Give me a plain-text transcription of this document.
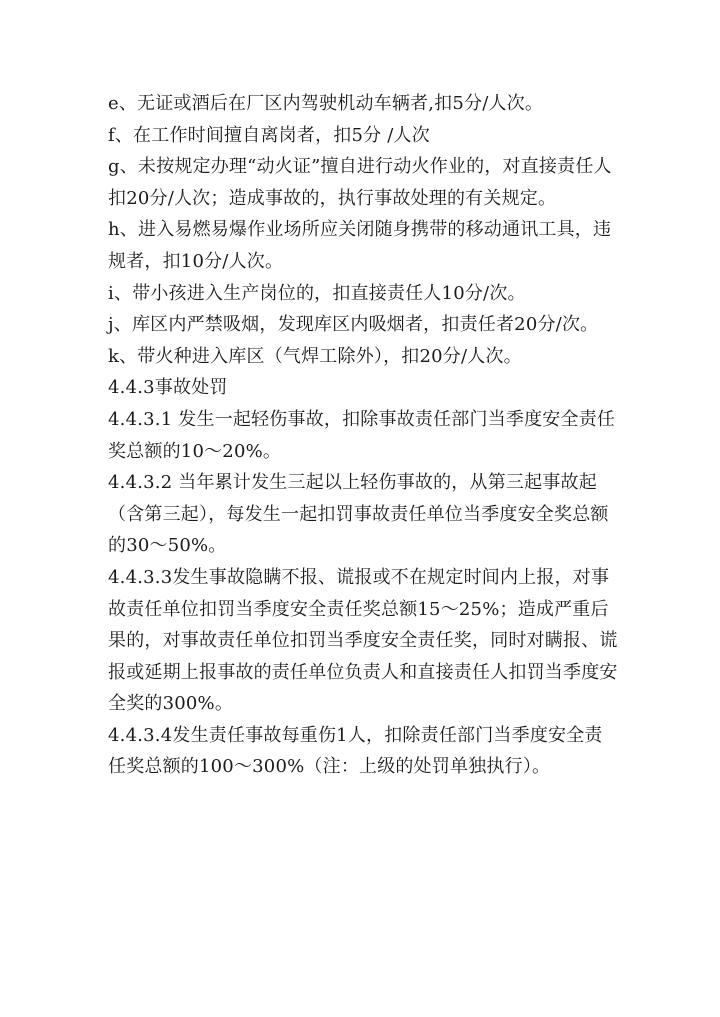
e、无证或酒后在厂区内驾驶机动车辆者,扣5分/人次。

f、在工作时间擅自离岗者，扣5分 /人次

g、未按规定办理“动火证”擅自进行动火作业的，对直接责任人扣20分/人次；造成事故的，执行事故处理的有关规定。

h、进入易燃易爆作业场所应关闭随身携带的移动通讯工具，违规者，扣10分/人次。

i、带小孩进入生产岗位的，扣直接责任人10分/次。

j、库区内严禁吸烟，发现库区内吸烟者，扣责任者20分/次。

k、带火种进入库区（气焊工除外），扣20分/人次。

4.4.3事故处罚

4.4.3.1 发生一起轻伤事故，扣除事故责任部门当季度安全责任奖总额的10～20%。

4.4.3.2 当年累计发生三起以上轻伤事故的，从第三起事故起（含第三起），每发生一起扣罚事故责任单位当季度安全奖总额的30～50%。

4.4.3.3发生事故隐瞒不报、谎报或不在规定时间内上报，对事故责任单位扣罚当季度安全责任奖总额15～25%；造成严重后果的，对事故责任单位扣罚当季度安全责任奖，同时对瞒报、谎报或延期上报事故的责任单位负责人和直接责任人扣罚当季度安全奖的300%。

4.4.3.4发生责任事故每重伤1人，扣除责任部门当季度安全责任奖总额的100～300%（注：上级的处罚单独执行）。
